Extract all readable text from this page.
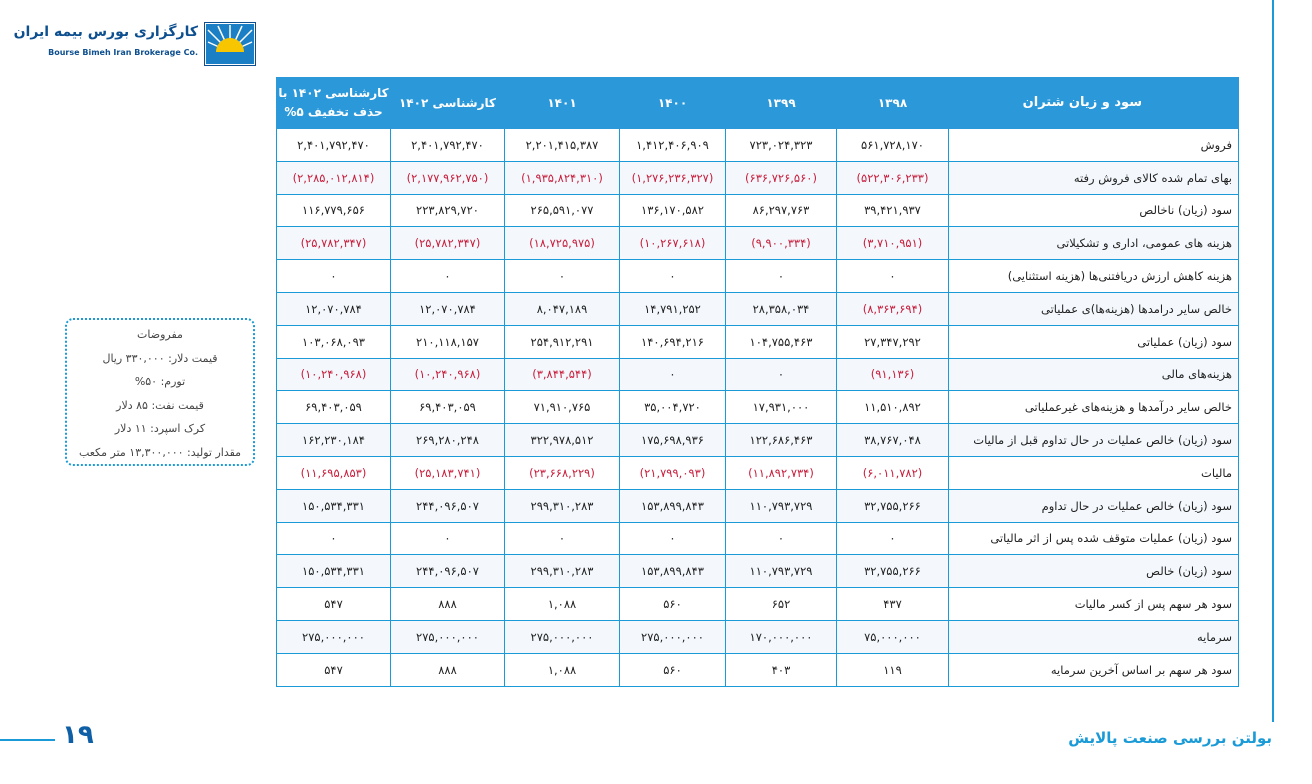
کارگزاری بورس بیمه ایران
Bourse Bimeh Iran Brokerage Co.
سود و زیان شتران	۱۳۹۸	۱۳۹۹	۱۴۰۰	۱۴۰۱	کارشناسی ۱۴۰۲	کارشناسی ۱۴۰۲ با
حذف تخفیف ۵%

فروش	۵۶۱,۷۲۸,۱۷۰	۷۲۳,۰۲۴,۳۲۳	۱,۴۱۲,۴۰۶,۹۰۹	۲,۲۰۱,۴۱۵,۳۸۷	۲,۴۰۱,۷۹۲,۴۷۰	۲,۴۰۱,۷۹۲,۴۷۰
بهای تمام شده کالای فروش رفته	(۵۲۲,۳۰۶,۲۳۳)	(۶۳۶,۷۲۶,۵۶۰)	(۱,۲۷۶,۲۳۶,۳۲۷)	(۱,۹۳۵,۸۲۴,۳۱۰)	(۲,۱۷۷,۹۶۲,۷۵۰)	(۲,۲۸۵,۰۱۲,۸۱۴)
سود (زیان) ناخالص	۳۹,۴۲۱,۹۳۷	۸۶,۲۹۷,۷۶۳	۱۳۶,۱۷۰,۵۸۲	۲۶۵,۵۹۱,۰۷۷	۲۲۳,۸۲۹,۷۲۰	۱۱۶,۷۷۹,۶۵۶
هزینه های عمومی، اداری و تشکیلاتی	(۳,۷۱۰,۹۵۱)	(۹,۹۰۰,۳۳۴)	(۱۰,۲۶۷,۶۱۸)	(۱۸,۷۲۵,۹۷۵)	(۲۵,۷۸۲,۳۴۷)	(۲۵,۷۸۲,۳۴۷)
هزینه کاهش ارزش دریافتنی‌ها (هزینه استثنایی)	۰	۰	۰	۰	۰	۰
خالص سایر درامدها (هزینه‌ها)ی عملیاتی	(۸,۳۶۳,۶۹۴)	۲۸,۳۵۸,۰۳۴	۱۴,۷۹۱,۲۵۲	۸,۰۴۷,۱۸۹	۱۲,۰۷۰,۷۸۴	۱۲,۰۷۰,۷۸۴
سود (زیان) عملیاتی	۲۷,۳۴۷,۲۹۲	۱۰۴,۷۵۵,۴۶۳	۱۴۰,۶۹۴,۲۱۶	۲۵۴,۹۱۲,۲۹۱	۲۱۰,۱۱۸,۱۵۷	۱۰۳,۰۶۸,۰۹۳
هزینه‌های مالی	(۹۱,۱۳۶)	۰	۰	(۳,۸۴۴,۵۴۴)	(۱۰,۲۴۰,۹۶۸)	(۱۰,۲۴۰,۹۶۸)
خالص سایر درآمدها و هزینه‌های غیرعملیاتی	۱۱,۵۱۰,۸۹۲	۱۷,۹۳۱,۰۰۰	۳۵,۰۰۴,۷۲۰	۷۱,۹۱۰,۷۶۵	۶۹,۴۰۳,۰۵۹	۶۹,۴۰۳,۰۵۹
سود (زیان) خالص عملیات در حال تداوم قبل از مالیات	۳۸,۷۶۷,۰۴۸	۱۲۲,۶۸۶,۴۶۳	۱۷۵,۶۹۸,۹۳۶	۳۲۲,۹۷۸,۵۱۲	۲۶۹,۲۸۰,۲۴۸	۱۶۲,۲۳۰,۱۸۴
مالیات	(۶,۰۱۱,۷۸۲)	(۱۱,۸۹۲,۷۳۴)	(۲۱,۷۹۹,۰۹۳)	(۲۳,۶۶۸,۲۲۹)	(۲۵,۱۸۳,۷۴۱)	(۱۱,۶۹۵,۸۵۳)
سود (زیان) خالص عملیات در حال تداوم	۳۲,۷۵۵,۲۶۶	۱۱۰,۷۹۳,۷۲۹	۱۵۳,۸۹۹,۸۴۳	۲۹۹,۳۱۰,۲۸۳	۲۴۴,۰۹۶,۵۰۷	۱۵۰,۵۳۴,۳۳۱
سود (زیان) عملیات متوقف شده پس از اثر مالیاتی	۰	۰	۰	۰	۰	۰
سود (زیان) خالص	۳۲,۷۵۵,۲۶۶	۱۱۰,۷۹۳,۷۲۹	۱۵۳,۸۹۹,۸۴۳	۲۹۹,۳۱۰,۲۸۳	۲۴۴,۰۹۶,۵۰۷	۱۵۰,۵۳۴,۳۳۱
سود هر سهم پس از کسر مالیات	۴۳۷	۶۵۲	۵۶۰	۱,۰۸۸	۸۸۸	۵۴۷
سرمایه	۷۵,۰۰۰,۰۰۰	۱۷۰,۰۰۰,۰۰۰	۲۷۵,۰۰۰,۰۰۰	۲۷۵,۰۰۰,۰۰۰	۲۷۵,۰۰۰,۰۰۰	۲۷۵,۰۰۰,۰۰۰
سود هر سهم بر اساس آخرین سرمایه	۱۱۹	۴۰۳	۵۶۰	۱,۰۸۸	۸۸۸	۵۴۷
مفروضات
قیمت دلار: ۳۳۰,۰۰۰ ریال
تورم: ۵۰%
قیمت نفت: ۸۵ دلار
کرک اسپرد: ۱۱ دلار
مقدار تولید: ۱۳,۳۰۰,۰۰۰ متر مکعب
۱۹	بولتن بررسی صنعت پالایش
